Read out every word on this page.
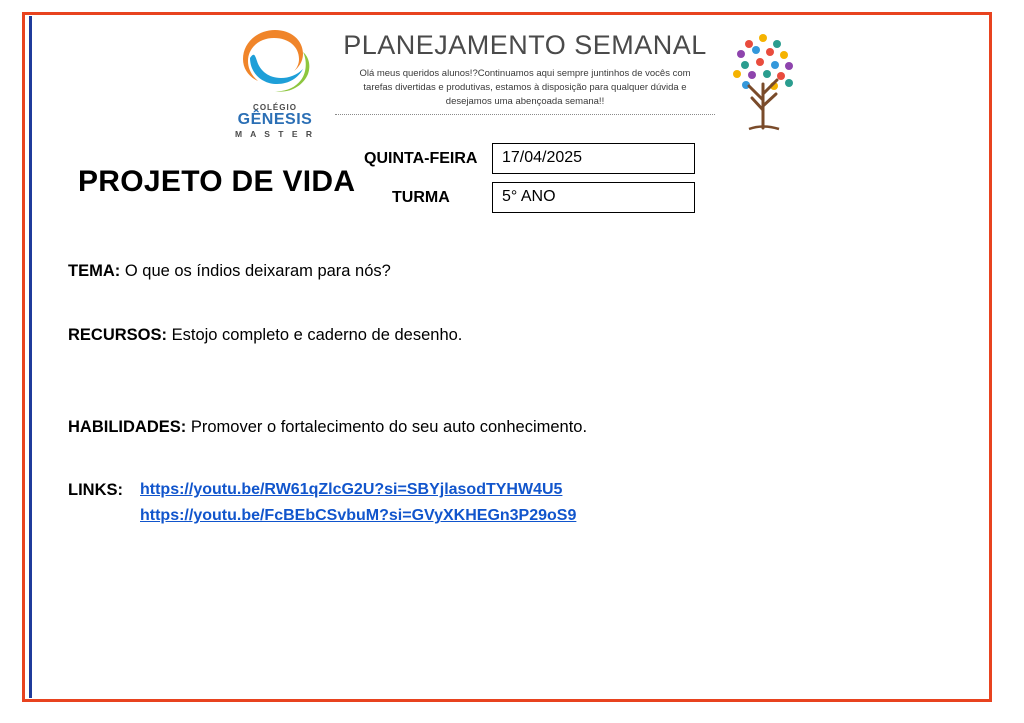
COLÉGIO
GÊNESIS
M A S T E R
PLANEJAMENTO SEMANAL
Olá meus queridos alunos!?Continuamos aqui sempre juntinhos de vocês com tarefas divertidas e produtivas, estamos à disposição para qualquer dúvida e desejamos uma abençoada semana!!
PROJETO DE VIDA
QUINTA-FEIRA	17/04/2025
TURMA	5° ANO
TEMA: O que os índios deixaram para nós?
RECURSOS: Estojo completo e caderno de desenho.
HABILIDADES: Promover o fortalecimento do seu auto conhecimento.
LINKS: https://youtu.be/RW61qZlcG2U?si=SBYjlasodTYHW4U5
https://youtu.be/FcBEbCSvbuM?si=GVyXKHEGn3P29oS9
